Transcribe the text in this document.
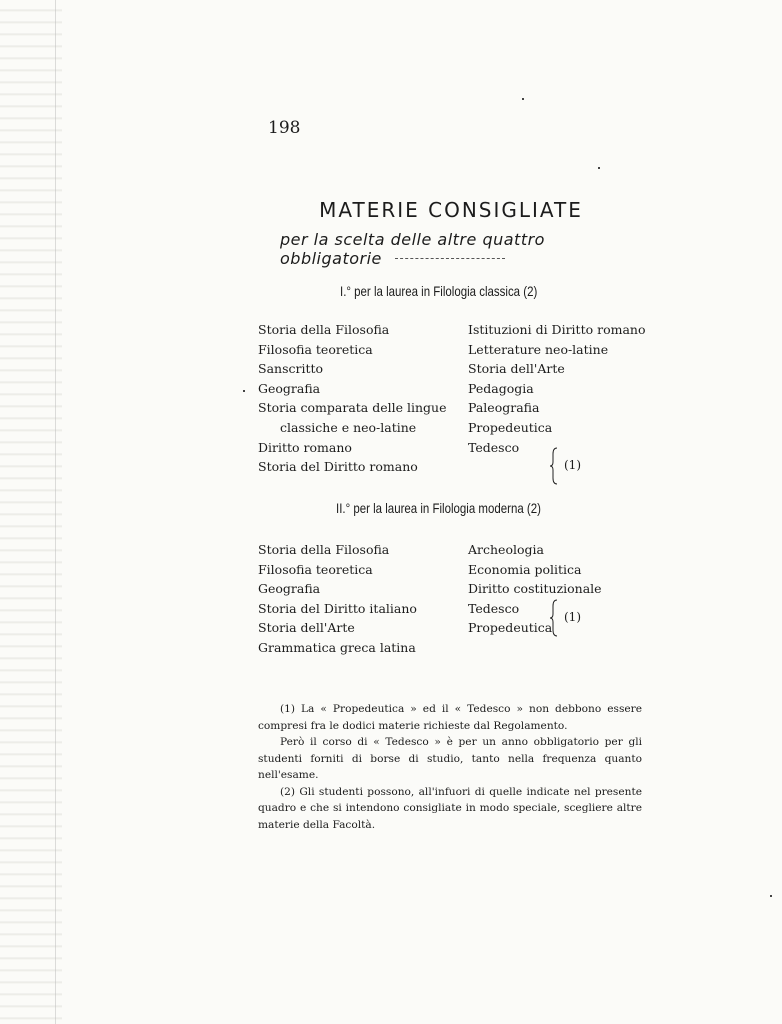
198
MATERIE CONSIGLIATE
per la scelta delle altre quattro obbligatorie
I.° per la laurea in Filologia classica (2)
Storia della Filosofia
Filosofia teoretica
Sanscritto
Geografia
Storia comparata delle lingue
classiche e neo-latine
Diritto romano
Storia del Diritto romano
Istituzioni di Diritto romano
Letterature neo-latine
Storia dell'Arte
Pedagogia
Paleografia
Propedeutica
Tedesco
(1)
II.° per la laurea in Filologia moderna (2)
Storia della Filosofia
Filosofia teoretica
Geografia
Storia del Diritto italiano
Storia dell'Arte
Grammatica greca latina
Archeologia
Economia politica
Diritto costituzionale
Tedesco
Propedeutica
(1)

(1) La « Propedeutica » ed il « Tedesco » non debbono essere compresi fra le dodici materie richieste dal Regolamento.

Però il corso di « Tedesco » è per un anno obbligatorio per gli studenti forniti di borse di studio, tanto nella frequenza quanto nell'esame.

(2) Gli studenti possono, all'infuori di quelle indicate nel presente quadro e che si intendono consigliate in modo speciale, scegliere altre materie della Facoltà.
